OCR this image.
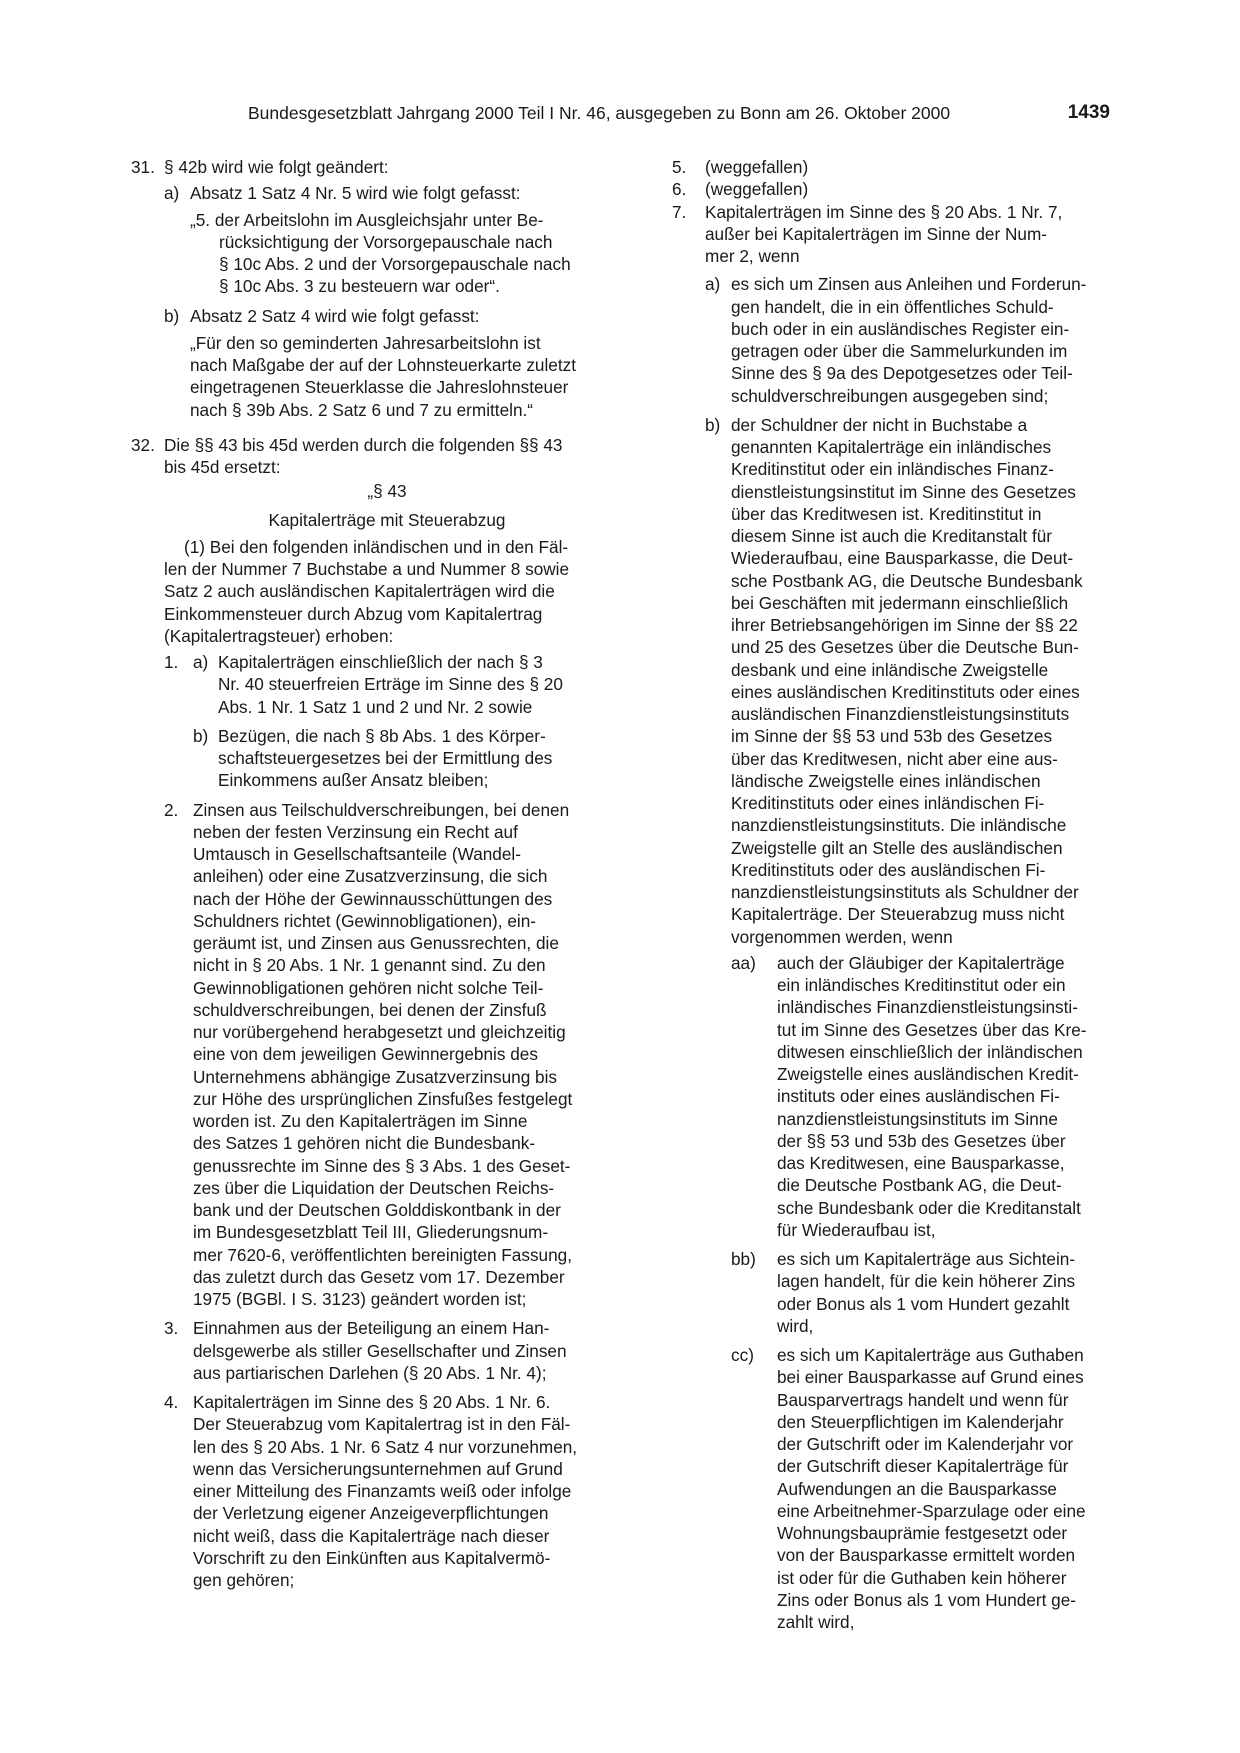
Bundesgesetzblatt Jahrgang 2000 Teil I Nr. 46, ausgegeben zu Bonn am 26. Oktober 2000	1439
31. § 42b wird wie folgt geändert:
a) Absatz 1 Satz 4 Nr. 5 wird wie folgt gefasst:
„5. der Arbeitslohn im Ausgleichsjahr unter Be-
rücksichtigung der Vorsorgepauschale nach
§ 10c Abs. 2 und der Vorsorgepauschale nach
§ 10c Abs. 3 zu besteuern war oder“.
b) Absatz 2 Satz 4 wird wie folgt gefasst:
„Für den so geminderten Jahresarbeitslohn ist
nach Maßgabe der auf der Lohnsteuerkarte zuletzt
eingetragenen Steuerklasse die Jahreslohnsteuer
nach § 39b Abs. 2 Satz 6 und 7 zu ermitteln.“
32. Die §§ 43 bis 45d werden durch die folgenden §§ 43
bis 45d ersetzt:
„§ 43
Kapitalerträge mit Steuerabzug
(1) Bei den folgenden inländischen und in den Fäl-
len der Nummer 7 Buchstabe a und Nummer 8 sowie
Satz 2 auch ausländischen Kapitalerträgen wird die
Einkommensteuer durch Abzug vom Kapitalertrag
(Kapitalertragsteuer) erhoben:
1. a) Kapitalerträgen einschließlich der nach § 3
Nr. 40 steuerfreien Erträge im Sinne des § 20
Abs. 1 Nr. 1 Satz 1 und 2 und Nr. 2 sowie
b) Bezügen, die nach § 8b Abs. 1 des Körper-
schaftsteuergesetzes bei der Ermittlung des
Einkommens außer Ansatz bleiben;
2. Zinsen aus Teilschuldverschreibungen, bei denen
neben der festen Verzinsung ein Recht auf
Umtausch in Gesellschaftsanteile (Wandel-
anleihen) oder eine Zusatzverzinsung, die sich
nach der Höhe der Gewinnausschüttungen des
Schuldners richtet (Gewinnobligationen), ein-
geräumt ist, und Zinsen aus Genussrechten, die
nicht in § 20 Abs. 1 Nr. 1 genannt sind. Zu den
Gewinnobligationen gehören nicht solche Teil-
schuldverschreibungen, bei denen der Zinsfuß
nur vorübergehend herabgesetzt und gleichzeitig
eine von dem jeweiligen Gewinnergebnis des
Unternehmens abhängige Zusatzverzinsung bis
zur Höhe des ursprünglichen Zinsfußes festgelegt
worden ist. Zu den Kapitalerträgen im Sinne
des Satzes 1 gehören nicht die Bundesbank-
genussrechte im Sinne des § 3 Abs. 1 des Geset-
zes über die Liquidation der Deutschen Reichs-
bank und der Deutschen Golddiskontbank in der
im Bundesgesetzblatt Teil III, Gliederungsnum-
mer 7620-6, veröffentlichten bereinigten Fassung,
das zuletzt durch das Gesetz vom 17. Dezember
1975 (BGBl. I S. 3123) geändert worden ist;
3. Einnahmen aus der Beteiligung an einem Han-
delsgewerbe als stiller Gesellschafter und Zinsen
aus partiarischen Darlehen (§ 20 Abs. 1 Nr. 4);
4. Kapitalerträgen im Sinne des § 20 Abs. 1 Nr. 6.
Der Steuerabzug vom Kapitalertrag ist in den Fäl-
len des § 20 Abs. 1 Nr. 6 Satz 4 nur vorzunehmen,
wenn das Versicherungsunternehmen auf Grund
einer Mitteilung des Finanzamts weiß oder infolge
der Verletzung eigener Anzeigeverpflichtungen
nicht weiß, dass die Kapitalerträge nach dieser
Vorschrift zu den Einkünften aus Kapitalvermö-
gen gehören;
5. (weggefallen)
6. (weggefallen)
7. Kapitalerträgen im Sinne des § 20 Abs. 1 Nr. 7,
außer bei Kapitalerträgen im Sinne der Num-
mer 2, wenn
a) es sich um Zinsen aus Anleihen und Forderun-
gen handelt, die in ein öffentliches Schuld-
buch oder in ein ausländisches Register ein-
getragen oder über die Sammelurkunden im
Sinne des § 9a des Depotgesetzes oder Teil-
schuldverschreibungen ausgegeben sind;
b) der Schuldner der nicht in Buchstabe a
genannten Kapitalerträge ein inländisches
Kreditinstitut oder ein inländisches Finanz-
dienstleistungsinstitut im Sinne des Gesetzes
über das Kreditwesen ist. Kreditinstitut in
diesem Sinne ist auch die Kreditanstalt für
Wiederaufbau, eine Bausparkasse, die Deut-
sche Postbank AG, die Deutsche Bundesbank
bei Geschäften mit jedermann einschließlich
ihrer Betriebsangehörigen im Sinne der §§ 22
und 25 des Gesetzes über die Deutsche Bun-
desbank und eine inländische Zweigstelle
eines ausländischen Kreditinstituts oder eines
ausländischen Finanzdienstleistungsinstituts
im Sinne der §§ 53 und 53b des Gesetzes
über das Kreditwesen, nicht aber eine aus-
ländische Zweigstelle eines inländischen
Kreditinstituts oder eines inländischen Fi-
nanzdienstleistungsinstituts. Die inländische
Zweigstelle gilt an Stelle des ausländischen
Kreditinstituts oder des ausländischen Fi-
nanzdienstleistungsinstituts als Schuldner der
Kapitalerträge. Der Steuerabzug muss nicht
vorgenommen werden, wenn
aa) auch der Gläubiger der Kapitalerträge
ein inländisches Kreditinstitut oder ein
inländisches Finanzdienstleistungsinsti-
tut im Sinne des Gesetzes über das Kre-
ditwesen einschließlich der inländischen
Zweigstelle eines ausländischen Kredit-
instituts oder eines ausländischen Fi-
nanzdienstleistungsinstituts im Sinne
der §§ 53 und 53b des Gesetzes über
das Kreditwesen, eine Bausparkasse,
die Deutsche Postbank AG, die Deut-
sche Bundesbank oder die Kreditanstalt
für Wiederaufbau ist,
bb) es sich um Kapitalerträge aus Sichtein-
lagen handelt, für die kein höherer Zins
oder Bonus als 1 vom Hundert gezahlt
wird,
cc) es sich um Kapitalerträge aus Guthaben
bei einer Bausparkasse auf Grund eines
Bausparvertrags handelt und wenn für
den Steuerpflichtigen im Kalenderjahr
der Gutschrift oder im Kalenderjahr vor
der Gutschrift dieser Kapitalerträge für
Aufwendungen an die Bausparkasse
eine Arbeitnehmer-Sparzulage oder eine
Wohnungsbauprämie festgesetzt oder
von der Bausparkasse ermittelt worden
ist oder für die Guthaben kein höherer
Zins oder Bonus als 1 vom Hundert ge-
zahlt wird,
